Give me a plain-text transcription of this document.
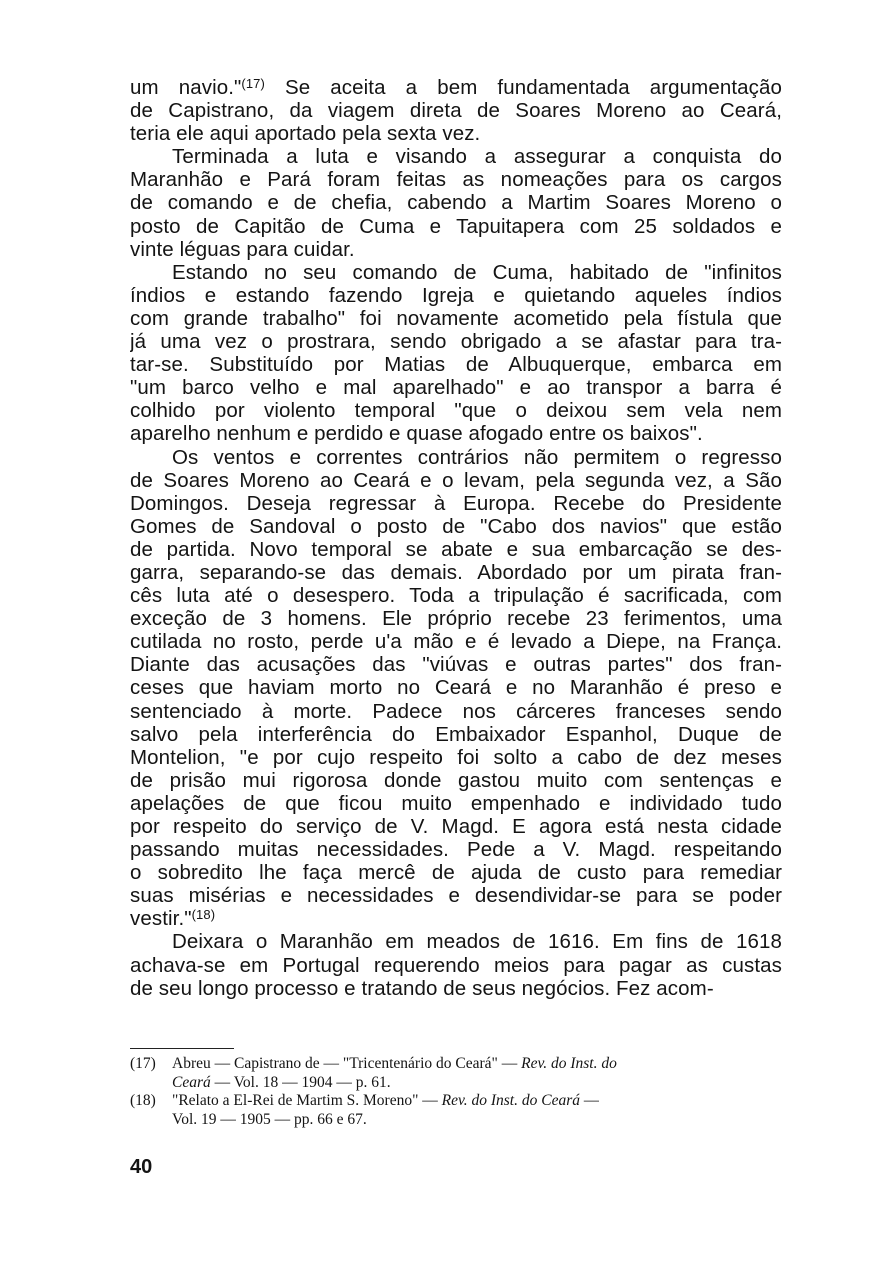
um navio."$^{(17)}$ Se aceita a bem fundamentada argumentação
de Capistrano, da viagem direta de Soares Moreno ao Ceará,
teria ele aqui aportado pela sexta vez.
Terminada a luta e visando a assegurar a conquista do
Maranhão e Pará foram feitas as nomeações para os cargos
de comando e de chefia, cabendo a Martim Soares Moreno o
posto de Capitão de Cuma e Tapuitapera com 25 soldados e
vinte léguas para cuidar.
Estando no seu comando de Cuma, habitado de "infinitos
índios e estando fazendo Igreja e quietando aqueles índios
com grande trabalho" foi novamente acometido pela fístula que
já uma vez o prostrara, sendo obrigado a se afastar para tra-
tar-se. Substituído por Matias de Albuquerque, embarca em
"um barco velho e mal aparelhado" e ao transpor a barra é
colhido por violento temporal "que o deixou sem vela nem
aparelho nenhum e perdido e quase afogado entre os baixos".
Os ventos e correntes contrários não permitem o regresso
de Soares Moreno ao Ceará e o levam, pela segunda vez, a São
Domingos. Deseja regressar à Europa. Recebe do Presidente
Gomes de Sandoval o posto de "Cabo dos navios" que estão
de partida. Novo temporal se abate e sua embarcação se des-
garra, separando-se das demais. Abordado por um pirata fran-
cês luta até o desespero. Toda a tripulação é sacrificada, com
exceção de 3 homens. Ele próprio recebe 23 ferimentos, uma
cutilada no rosto, perde u'a mão e é levado a Diepe, na França.
Diante das acusações das "viúvas e outras partes" dos fran-
ceses que haviam morto no Ceará e no Maranhão é preso e
sentenciado à morte. Padece nos cárceres franceses sendo
salvo pela interferência do Embaixador Espanhol, Duque de
Montelion, "e por cujo respeito foi solto a cabo de dez meses
de prisão mui rigorosa donde gastou muito com sentenças e
apelações de que ficou muito empenhado e individado tudo
por respeito do serviço de V. Magd. E agora está nesta cidade
passando muitas necessidades. Pede a V. Magd. respeitando
o sobredito lhe faça mercê de ajuda de custo para remediar
suas misérias e necessidades e desendividar-se para se poder
vestir."$^{(18)}$
Deixara o Maranhão em meados de 1616. Em fins de 1618
achava-se em Portugal requerendo meios para pagar as custas
de seu longo processo e tratando de seus negócios. Fez acom-
(17)	Abreu — Capistrano de — "Tricentenário do Ceará" — Rev. do Inst. do
Ceará — Vol. 18 — 1904 — p. 61.
(18)	"Relato a El-Rei de Martim S. Moreno" — Rev. do Inst. do Ceará —
Vol. 19 — 1905 — pp. 66 e 67.
40
